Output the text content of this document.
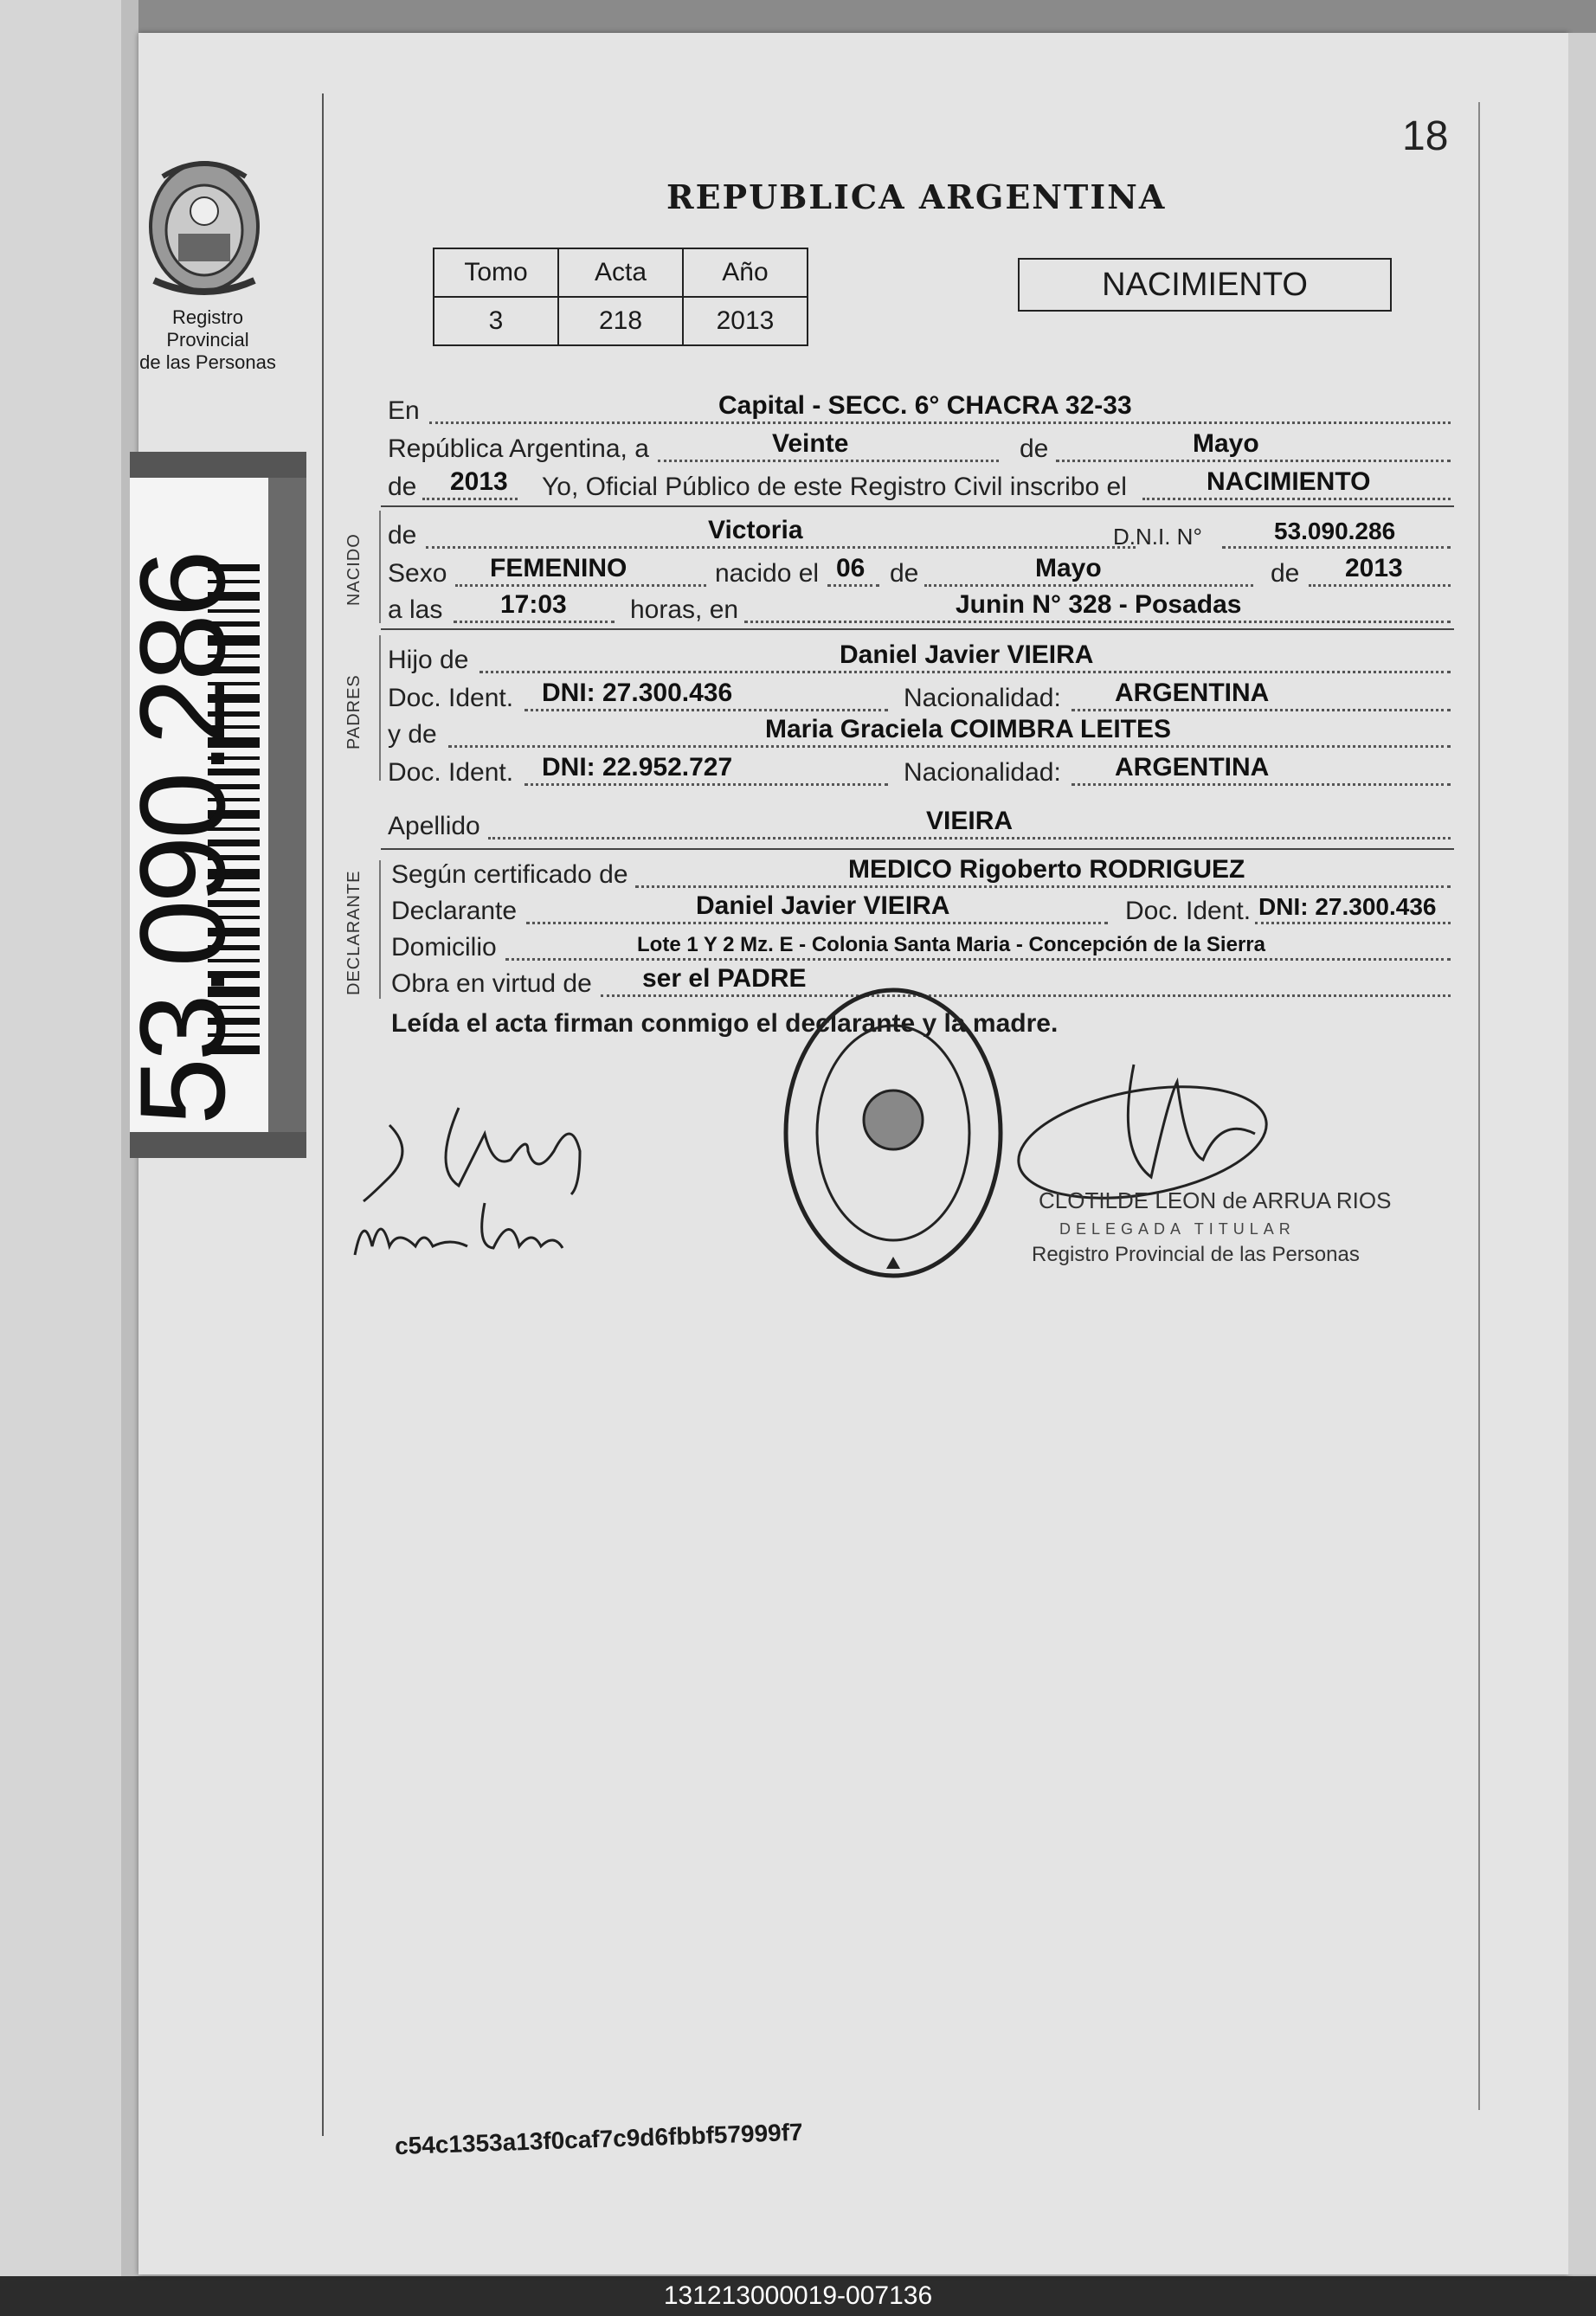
18
REPUBLICA ARGENTINA
Registro Provincial
de las Personas
Tomo	Acta	Año
3	218	2013
NACIMIENTO
53.090.286	NACIDO
PADRES
DECLARANTE
En	Capital - SECC. 6° CHACRA 32-33
República Argentina, a	Veinte	de	Mayo
de 2013 Yo, Oficial Público de este Registro Civil inscribo el	NACIMIENTO
de	Victoria	D.N.I. N°	53.090.286
Sexo FEMENINO	nacido el 06 de	Mayo	de 2013
a las 17:03 horas, en	Junin N° 328 - Posadas
Hijo de	Daniel Javier VIEIRA
Doc. Ident. DNI: 27.300.436	Nacionalidad: ARGENTINA
y de	Maria Graciela COIMBRA LEITES
Doc. Ident. DNI: 22.952.727	Nacionalidad: ARGENTINA
Apellido	VIEIRA
Según certificado de	MEDICO Rigoberto RODRIGUEZ
Declarante	Daniel Javier VIEIRA	Doc. Ident. DNI: 27.300.436
Domicilio	Lote 1 Y 2 Mz. E - Colonia Santa Maria - Concepción de la Sierra
Obra en virtud de ser el PADRE
Leída el acta firman conmigo el declarante y la madre.
CLOTILDE LEON de ARRUA RIOS
DELEGADA TITULAR
Registro Provincial de las Personas
c54c1353a13f0caf7c9d6fbbf57999f7
131213000019-007136
